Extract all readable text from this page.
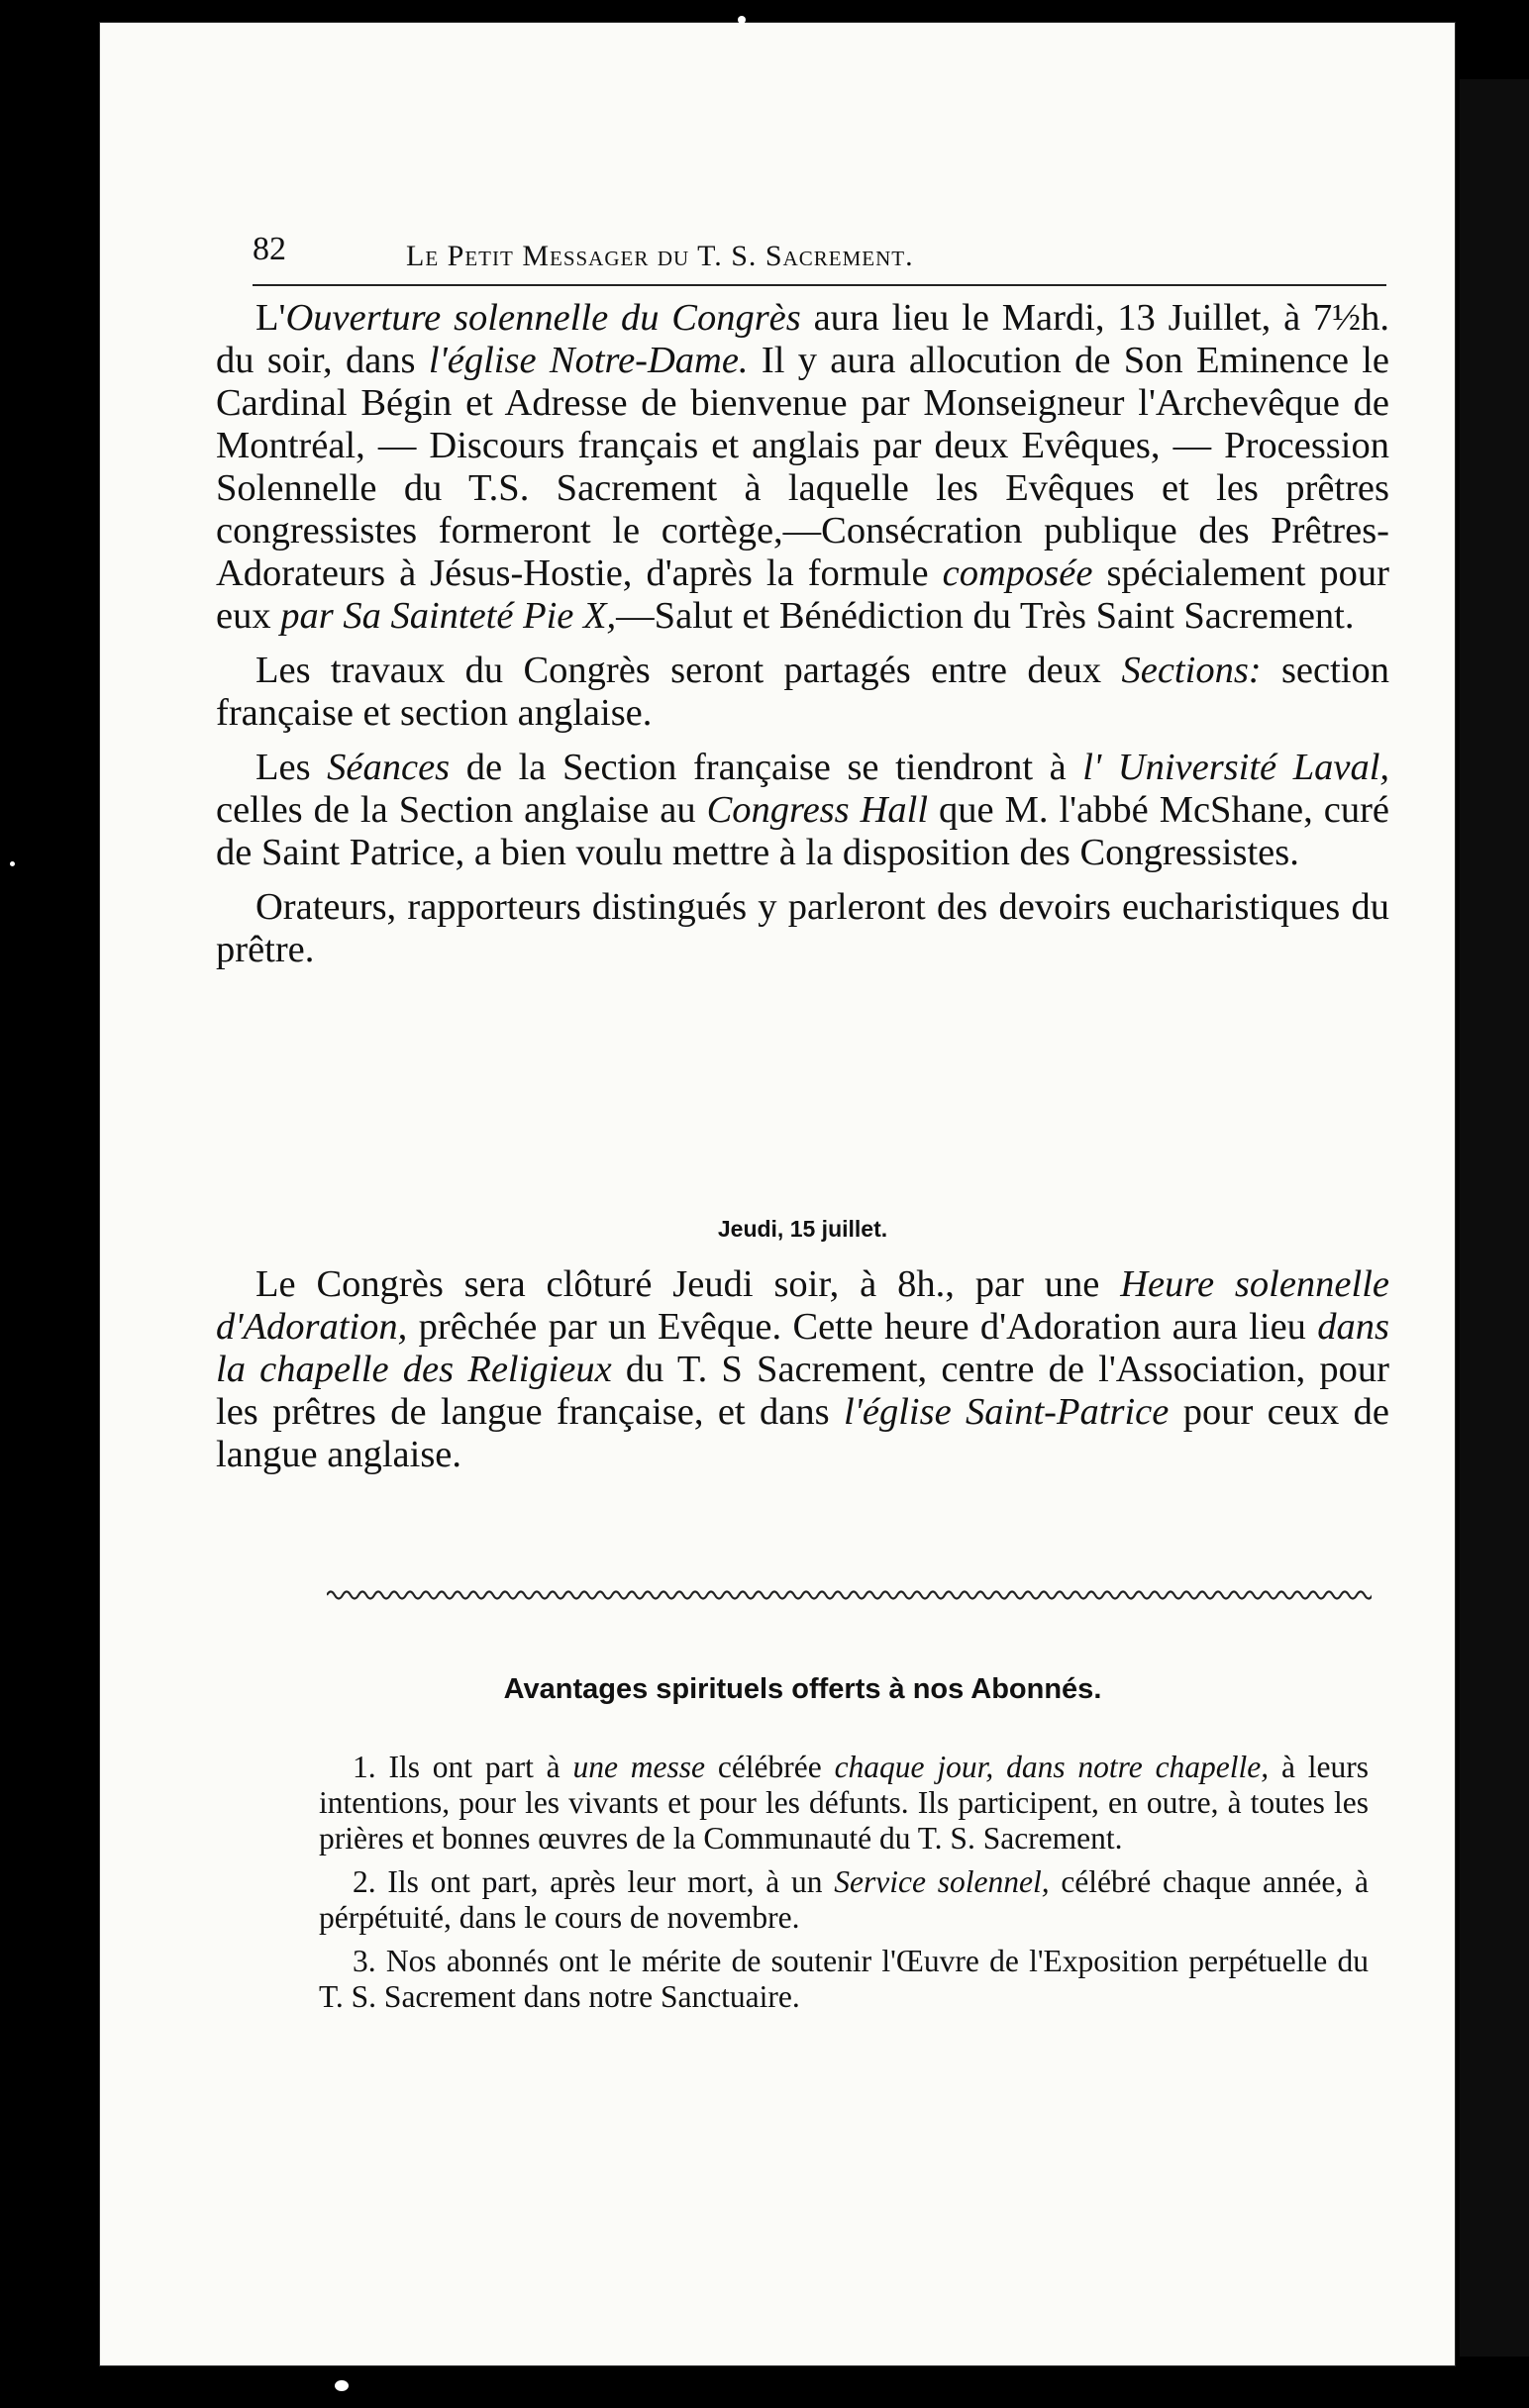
82	Le Petit Messager du T. S. Sacrement.

L'Ouverture solennelle du Congrès aura lieu le Mardi, 13 Juillet, à 7½h. du soir, dans l'église Notre-Dame. Il y aura allocution de Son Eminence le Cardinal Bégin et Adresse de bienvenue par Monseigneur l'Archevêque de Montréal, — Discours français et anglais par deux Evêques, — Procession Solennelle du T.S. Sacrement à laquelle les Evêques et les prêtres congressistes formeront le cortège,—Consécration publique des Prêtres-Adorateurs à Jésus-Hostie, d'après la formule composée spécialement pour eux par Sa Sainteté Pie X,—Salut et Bénédiction du Très Saint Sacrement.

Les travaux du Congrès seront partagés entre deux Sections: section française et section anglaise.

Les Séances de la Section française se tiendront à l' Université Laval, celles de la Section anglaise au Congress Hall que M. l'abbé McShane, curé de Saint Patrice, a bien voulu mettre à la disposition des Congressistes.

Orateurs, rapporteurs distingués y parleront des devoirs eucharistiques du prêtre.

Jeudi, 15 juillet.

Le Congrès sera clôturé Jeudi soir, à 8h., par une Heure solennelle d'Adoration, prêchée par un Evêque. Cette heure d'Adoration aura lieu dans la chapelle des Religieux du T. S Sacrement, centre de l'Association, pour les prêtres de langue française, et dans l'église Saint-Patrice pour ceux de langue anglaise.

Avantages spirituels offerts à nos Abonnés.

1. Ils ont part à une messe célébrée chaque jour, dans notre chapelle, à leurs intentions, pour les vivants et pour les défunts. Ils participent, en outre, à toutes les prières et bonnes œuvres de la Communauté du T. S. Sacrement.

2. Ils ont part, après leur mort, à un Service solennel, célébré chaque année, à pérpétuité, dans le cours de novembre.

3. Nos abonnés ont le mérite de soutenir l'Œuvre de l'Exposition perpétuelle du T. S. Sacrement dans notre Sanctuaire.
